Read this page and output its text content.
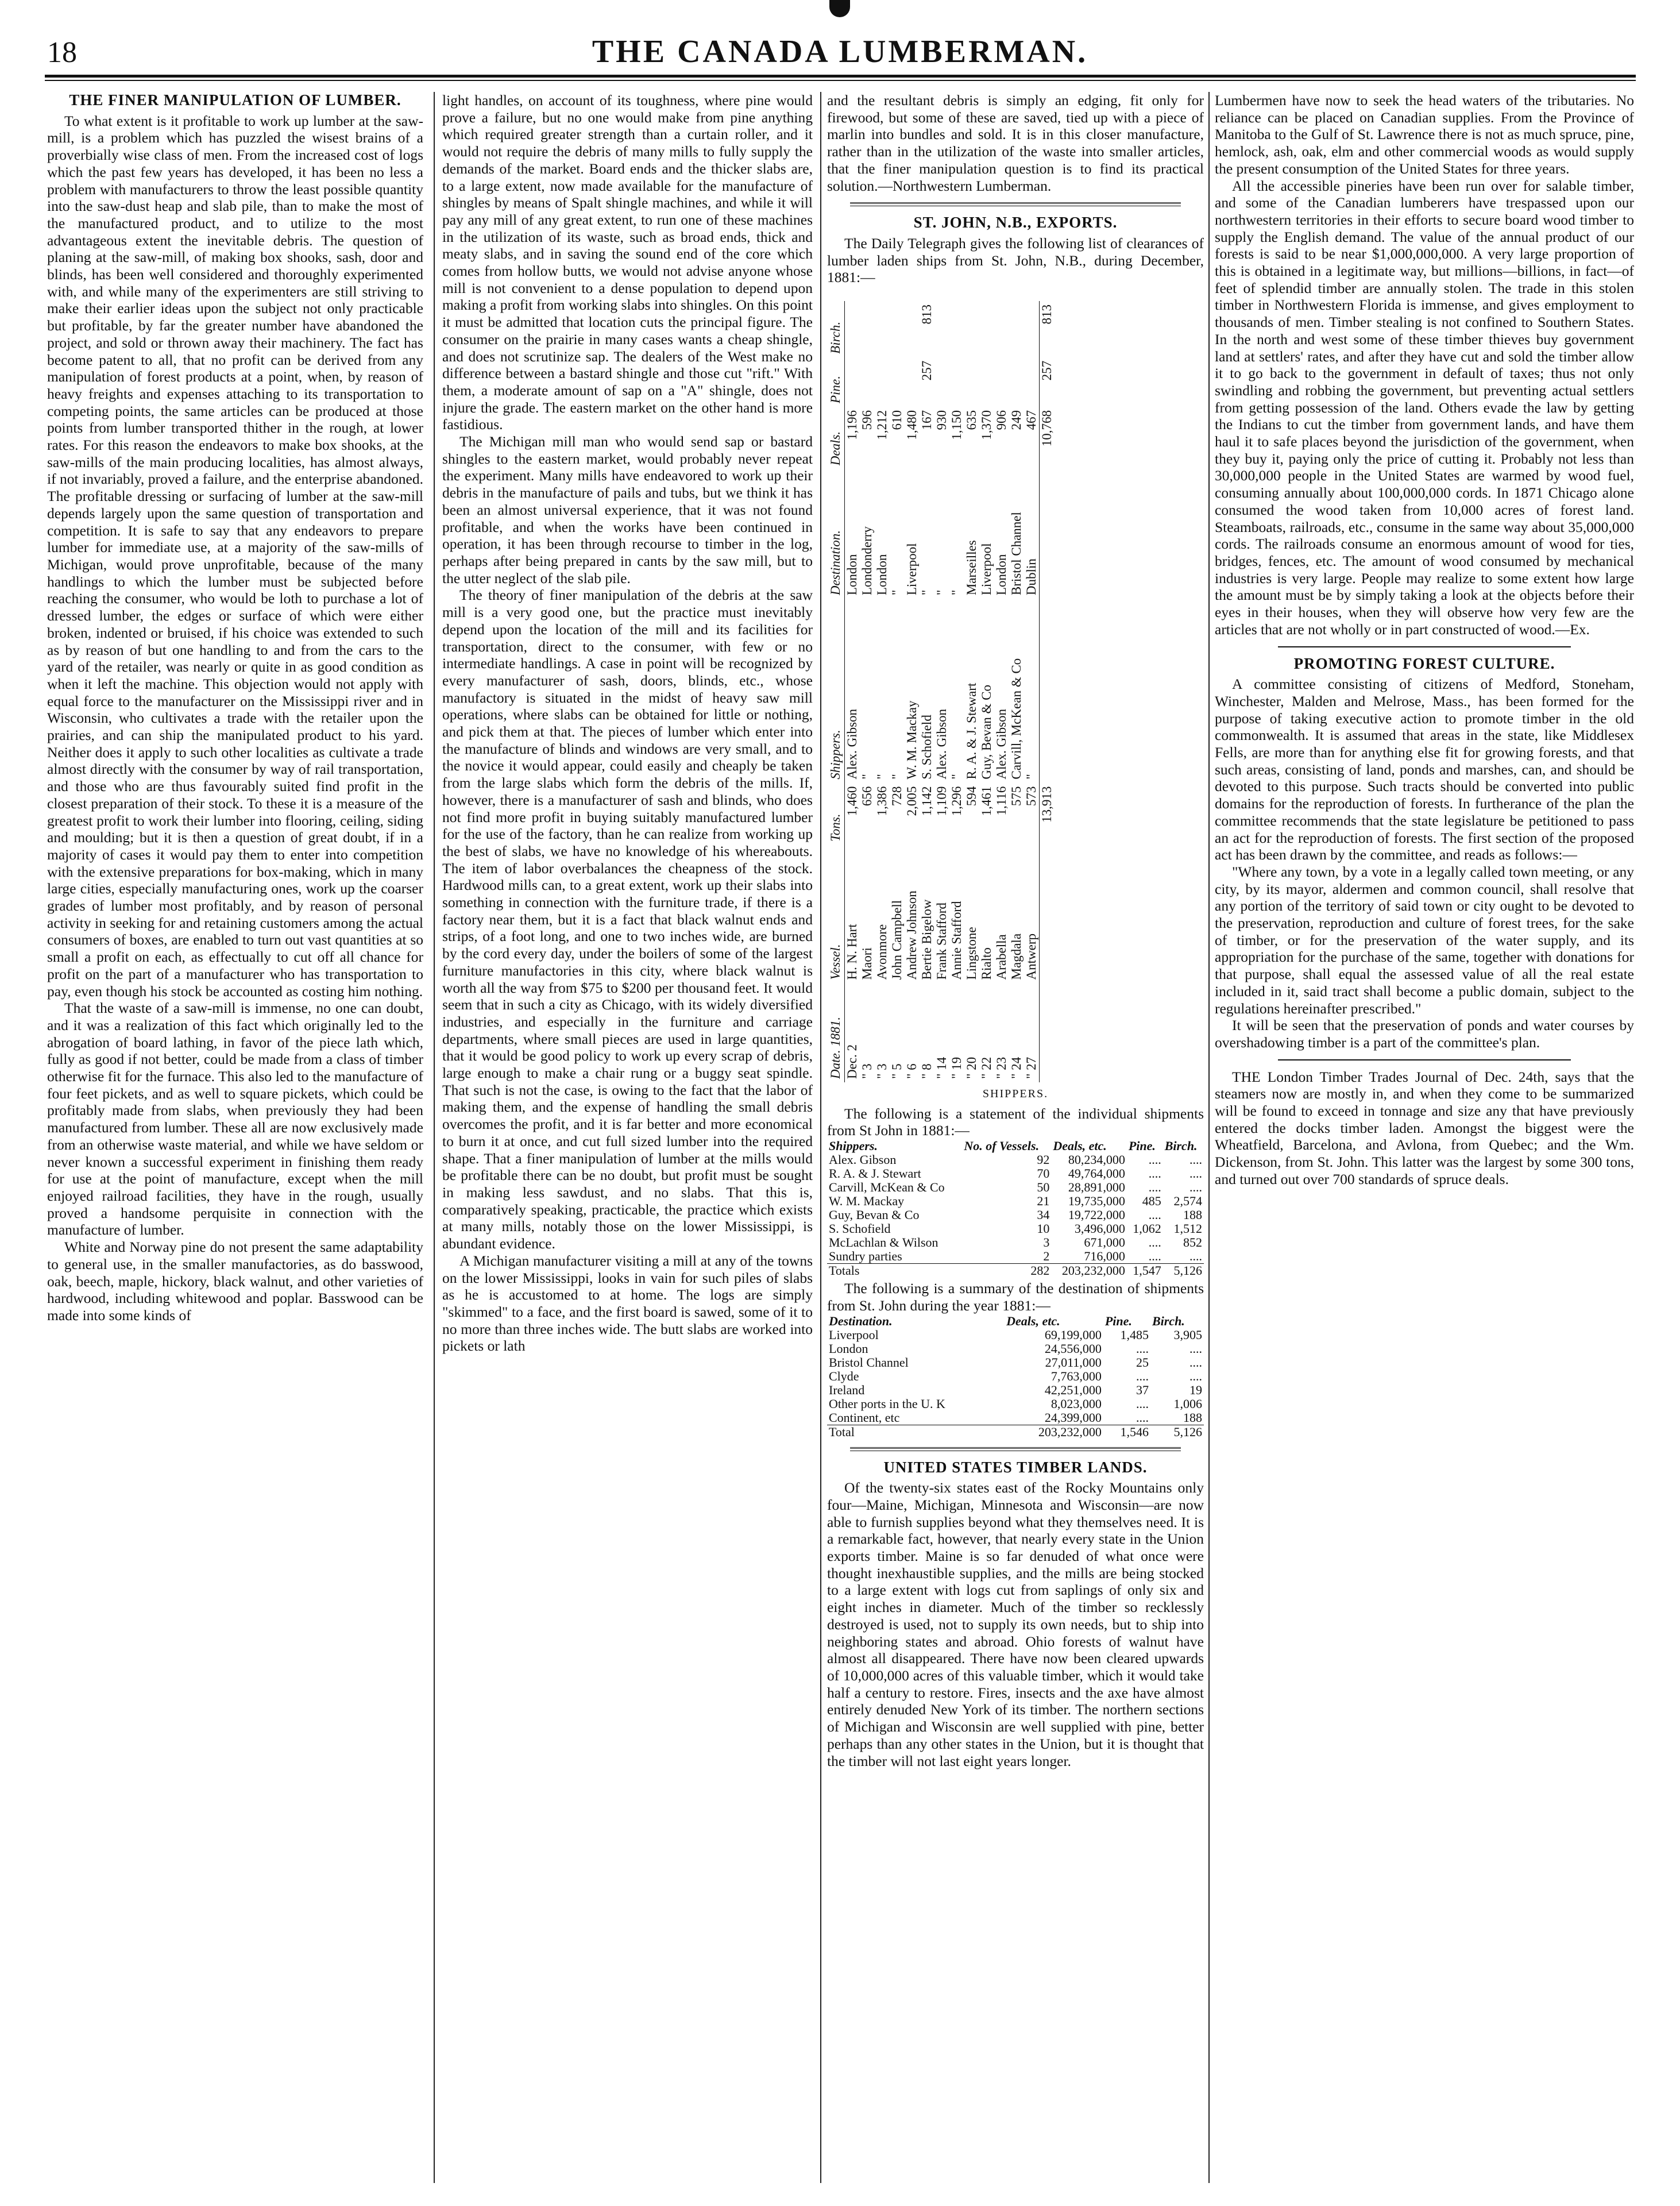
18	THE CANADA LUMBERMAN.
THE FINER MANIPULATION OF LUMBER.

To what extent is it profitable to work up lumber at the saw-mill, is a problem which has puzzled the wisest brains of a proverbially wise class of men. From the increased cost of logs which the past few years has developed, it has been no less a problem with manufacturers to throw the least possible quantity into the saw-dust heap and slab pile, than to make the most of the manufactured product, and to utilize to the most advantageous extent the inevitable debris. The question of planing at the saw-mill, of making box shooks, sash, door and blinds, has been well considered and thoroughly experimented with, and while many of the experimenters are still striving to make their earlier ideas upon the subject not only practicable but profitable, by far the greater number have abandoned the project, and sold or thrown away their machinery. The fact has become patent to all, that no profit can be derived from any manipulation of forest products at a point, when, by reason of heavy freights and expenses attaching to its transportation to competing points, the same articles can be produced at those points from lumber transported thither in the rough, at lower rates. For this reason the endeavors to make box shooks, at the saw-mills of the main producing localities, has almost always, if not invariably, proved a failure, and the enterprise abandoned. The profitable dressing or surfacing of lumber at the saw-mill depends largely upon the same question of transportation and competition. It is safe to say that any endeavors to prepare lumber for immediate use, at a majority of the saw-mills of Michigan, would prove unprofitable, because of the many handlings to which the lumber must be subjected before reaching the consumer, who would be loth to purchase a lot of dressed lumber, the edges or surface of which were either broken, indented or bruised, if his choice was extended to such as by reason of but one handling to and from the cars to the yard of the retailer, was nearly or quite in as good condition as when it left the machine. This objection would not apply with equal force to the manufacturer on the Mississippi river and in Wisconsin, who cultivates a trade with the retailer upon the prairies, and can ship the manipulated product to his yard. Neither does it apply to such other localities as cultivate a trade almost directly with the consumer by way of rail transportation, and those who are thus favourably suited find profit in the closest preparation of their stock. To these it is a measure of the greatest profit to work their lumber into flooring, ceiling, siding and moulding; but it is then a question of great doubt, if in a majority of cases it would pay them to enter into competition with the extensive preparations for box-making, which in many large cities, especially manufacturing ones, work up the coarser grades of lumber most profitably, and by reason of personal activity in seeking for and retaining customers among the actual consumers of boxes, are enabled to turn out vast quantities at so small a profit on each, as effectually to cut off all chance for profit on the part of a manufacturer who has transportation to pay, even though his stock be accounted as costing him nothing.

That the waste of a saw-mill is immense, no one can doubt, and it was a realization of this fact which originally led to the abrogation of board lathing, in favor of the piece lath which, fully as good if not better, could be made from a class of timber otherwise fit for the furnace. This also led to the manufacture of four feet pickets, and as well to square pickets, which could be profitably made from slabs, when previously they had been manufactured from lumber. These all are now exclusively made from an otherwise waste material, and while we have seldom or never known a successful experiment in finishing them ready for use at the point of manufacture, except when the mill enjoyed railroad facilities, they have in the rough, usually proved a handsome perquisite in connection with the manufacture of lumber.

White and Norway pine do not present the same adaptability to general use, in the smaller manufactories, as do basswood, oak, beech, maple, hickory, black walnut, and other varieties of hardwood, including whitewood and poplar. Basswood can be made into some kinds of

light handles, on account of its toughness, where pine would prove a failure, but no one would make from pine anything which required greater strength than a curtain roller, and it would not require the debris of many mills to fully supply the demands of the market. Board ends and the thicker slabs are, to a large extent, now made available for the manufacture of shingles by means of Spalt shingle machines, and while it will pay any mill of any great extent, to run one of these machines in the utilization of its waste, such as broad ends, thick and meaty slabs, and in saving the sound end of the core which comes from hollow butts, we would not advise anyone whose mill is not convenient to a dense population to depend upon making a profit from working slabs into shingles. On this point it must be admitted that location cuts the principal figure. The consumer on the prairie in many cases wants a cheap shingle, and does not scrutinize sap. The dealers of the West make no difference between a bastard shingle and those cut "rift." With them, a moderate amount of sap on a "A" shingle, does not injure the grade. The eastern market on the other hand is more fastidious.

The Michigan mill man who would send sap or bastard shingles to the eastern market, would probably never repeat the experiment. Many mills have endeavored to work up their debris in the manufacture of pails and tubs, but we think it has been an almost universal experience, that it was not found profitable, and when the works have been continued in operation, it has been through recourse to timber in the log, perhaps after being prepared in cants by the saw mill, but to the utter neglect of the slab pile.

The theory of finer manipulation of the debris at the saw mill is a very good one, but the practice must inevitably depend upon the location of the mill and its facilities for transportation, direct to the consumer, with few or no intermediate handlings. A case in point will be recognized by every manufacturer of sash, doors, blinds, etc., whose manufactory is situated in the midst of heavy saw mill operations, where slabs can be obtained for little or nothing, and pick them at that. The pieces of lumber which enter into the manufacture of blinds and windows are very small, and to the novice it would appear, could easily and cheaply be taken from the large slabs which form the debris of the mills. If, however, there is a manufacturer of sash and blinds, who does not find more profit in buying suitably manufactured lumber for the use of the factory, than he can realize from working up the best of slabs, we have no knowledge of his whereabouts. The item of labor overbalances the cheapness of the stock. Hardwood mills can, to a great extent, work up their slabs into something in connection with the furniture trade, if there is a factory near them, but it is a fact that black walnut ends and strips, of a foot long, and one to two inches wide, are burned by the cord every day, under the boilers of some of the largest furniture manufactories in this city, where black walnut is worth all the way from $75 to $200 per thousand feet. It would seem that in such a city as Chicago, with its widely diversified industries, and especially in the furniture and carriage departments, where small pieces are used in large quantities, that it would be good policy to work up every scrap of debris, large enough to make a chair rung or a buggy seat spindle. That such is not the case, is owing to the fact that the labor of making them, and the expense of handling the small debris overcomes the profit, and it is far better and more economical to burn it at once, and cut full sized lumber into the required shape. That a finer manipulation of lumber at the mills would be profitable there can be no doubt, but profit must be sought in making less sawdust, and no slabs. That this is, comparatively speaking, practicable, the practice which exists at many mills, notably those on the lower Mississippi, is abundant evidence.

A Michigan manufacturer visiting a mill at any of the towns on the lower Mississippi, looks in vain for such piles of slabs as he is accustomed to at home. The logs are simply "skimmed" to a face, and the first board is sawed, some of it to no more than three inches wide. The butt slabs are worked into pickets or lath

and the resultant debris is simply an edging, fit only for firewood, but some of these are saved, tied up with a piece of marlin into bundles and sold. It is in this closer manufacture, rather than in the utilization of the waste into smaller articles, that the finer manipulation question is to find its practical solution.—Northwestern Lumberman.

ST. JOHN, N.B., EXPORTS.

The Daily Telegraph gives the following list of clearances of lumber laden ships from St. John, N.B., during December, 1881:—

Date. 1881.	Vessel.	Tons.	Shippers.	Destination.	Deals.	Pine.	Birch.
Dec. 2	H. N. Hart	1,460	Alex. Gibson	London	1,196		
" 3	Maori	656	"	Londonderry	596		
" 3	Avonmore	1,386	"	London	1,212		
" 5	John Campbell	728	"	"	610		
" 6	Andrew Johnson	2,005	W. M. Mackay	Liverpool	1,480		
" 8	Bertie Bigelow	1,142	S. Schofield	"	167	257	813
" 14	Frank Stafford	1,109	Alex. Gibson	"	930		
" 19	Annie Stafford	1,296	"	"	1,150		
" 20	Lingstone	594	R. A. & J. Stewart	Marseilles	635		
" 22	Rialto	1,461	Guy, Bevan & Co	Liverpool	1,370		
" 23	Arabella	1,116	Alex. Gibson	London	906		
" 24	Magdala	575	Carvill, McKean & Co	Bristol Channel	249		
" 27	Antwerp	573	"	Dublin	467		
		13,913			10,768	257	813
SHIPPERS.

The following is a statement of the individual shipments from St John in 1881:—

Shippers.	No. of Vessels.	Deals, etc.	Pine.	Birch.
Alex. Gibson	92	80,234,000	....	....
R. A. & J. Stewart	70	49,764,000	....	....
Carvill, McKean & Co	50	28,891,000	....	....
W. M. Mackay	21	19,735,000	485	2,574
Guy, Bevan & Co	34	19,722,000	....	188
S. Schofield	10	3,496,000	1,062	1,512
McLachlan & Wilson	3	671,000	....	852
Sundry parties	2	716,000	....	....
Totals	282	203,232,000	1,547	5,126

The following is a summary of the destination of shipments from St. John during the year 1881:—

Destination.	Deals, etc.	Pine.	Birch.
Liverpool	69,199,000	1,485	3,905
London	24,556,000	....	....
Bristol Channel	27,011,000	25	....
Clyde	7,763,000	....	....
Ireland	42,251,000	37	19
Other ports in the U. K	8,023,000	....	1,006
Continent, etc	24,399,000	....	188
Total	203,232,000	1,546	5,126
UNITED STATES TIMBER LANDS.

Of the twenty-six states east of the Rocky Mountains only four—Maine, Michigan, Minnesota and Wisconsin—are now able to furnish supplies beyond what they themselves need. It is a remarkable fact, however, that nearly every state in the Union exports timber. Maine is so far denuded of what once were thought inexhaustible supplies, and the mills are being stocked to a large extent with logs cut from saplings of only six and eight inches in diameter. Much of the timber so recklessly destroyed is used, not to supply its own needs, but to ship into neighboring states and abroad. Ohio forests of walnut have almost all disappeared. There have now been cleared upwards of 10,000,000 acres of this valuable timber, which it would take half a century to restore. Fires, insects and the axe have almost entirely denuded New York of its timber. The northern sections of Michigan and Wisconsin are well supplied with pine, better perhaps than any other states in the Union, but it is thought that the timber will not last eight years longer.

Lumbermen have now to seek the head waters of the tributaries. No reliance can be placed on Canadian supplies. From the Province of Manitoba to the Gulf of St. Lawrence there is not as much spruce, pine, hemlock, ash, oak, elm and other commercial woods as would supply the present consumption of the United States for three years.

All the accessible pineries have been run over for salable timber, and some of the Canadian lumberers have trespassed upon our northwestern territories in their efforts to secure board wood timber to supply the English demand. The value of the annual product of our forests is said to be near $1,000,000,000. A very large proportion of this is obtained in a legitimate way, but millions—billions, in fact—of feet of splendid timber are annually stolen. The trade in this stolen timber in Northwestern Florida is immense, and gives employment to thousands of men. Timber stealing is not confined to Southern States. In the north and west some of these timber thieves buy government land at settlers' rates, and after they have cut and sold the timber allow it to go back to the government in default of taxes; thus not only swindling and robbing the government, but preventing actual settlers from getting possession of the land. Others evade the law by getting the Indians to cut the timber from government lands, and have them haul it to safe places beyond the jurisdiction of the government, when they buy it, paying only the price of cutting it. Probably not less than 30,000,000 people in the United States are warmed by wood fuel, consuming annually about 100,000,000 cords. In 1871 Chicago alone consumed the wood taken from 10,000 acres of forest land. Steamboats, railroads, etc., consume in the same way about 35,000,000 cords. The railroads consume an enormous amount of wood for ties, bridges, fences, etc. The amount of wood consumed by mechanical industries is very large. People may realize to some extent how large the amount must be by simply taking a look at the objects before their eyes in their houses, when they will observe how very few are the articles that are not wholly or in part constructed of wood.—Ex.

PROMOTING FOREST CULTURE.

A committee consisting of citizens of Medford, Stoneham, Winchester, Malden and Melrose, Mass., has been formed for the purpose of taking executive action to promote timber in the old commonwealth. It is assumed that areas in the state, like Middlesex Fells, are more than for anything else fit for growing forests, and that such areas, consisting of land, ponds and marshes, can, and should be devoted to this purpose. Such tracts should be converted into public domains for the reproduction of forests. In furtherance of the plan the committee recommends that the state legislature be petitioned to pass an act for the reproduction of forests. The first section of the proposed act has been drawn by the committee, and reads as follows:—

"Where any town, by a vote in a legally called town meeting, or any city, by its mayor, aldermen and common council, shall resolve that any portion of the territory of said town or city ought to be devoted to the preservation, reproduction and culture of forest trees, for the sake of timber, or for the preservation of the water supply, and its appropriation for the purchase of the same, together with donations for that purpose, shall equal the assessed value of all the real estate included in it, said tract shall become a public domain, subject to the regulations hereinafter prescribed."

It will be seen that the preservation of ponds and water courses by overshadowing timber is a part of the committee's plan.

THE London Timber Trades Journal of Dec. 24th, says that the steamers now are mostly in, and when they come to be summarized will be found to exceed in tonnage and size any that have previously entered the docks timber laden. Amongst the biggest were the Wheatfield, Barcelona, and Avlona, from Quebec; and the Wm. Dickenson, from St. John. This latter was the largest by some 300 tons, and turned out over 700 standards of spruce deals.
